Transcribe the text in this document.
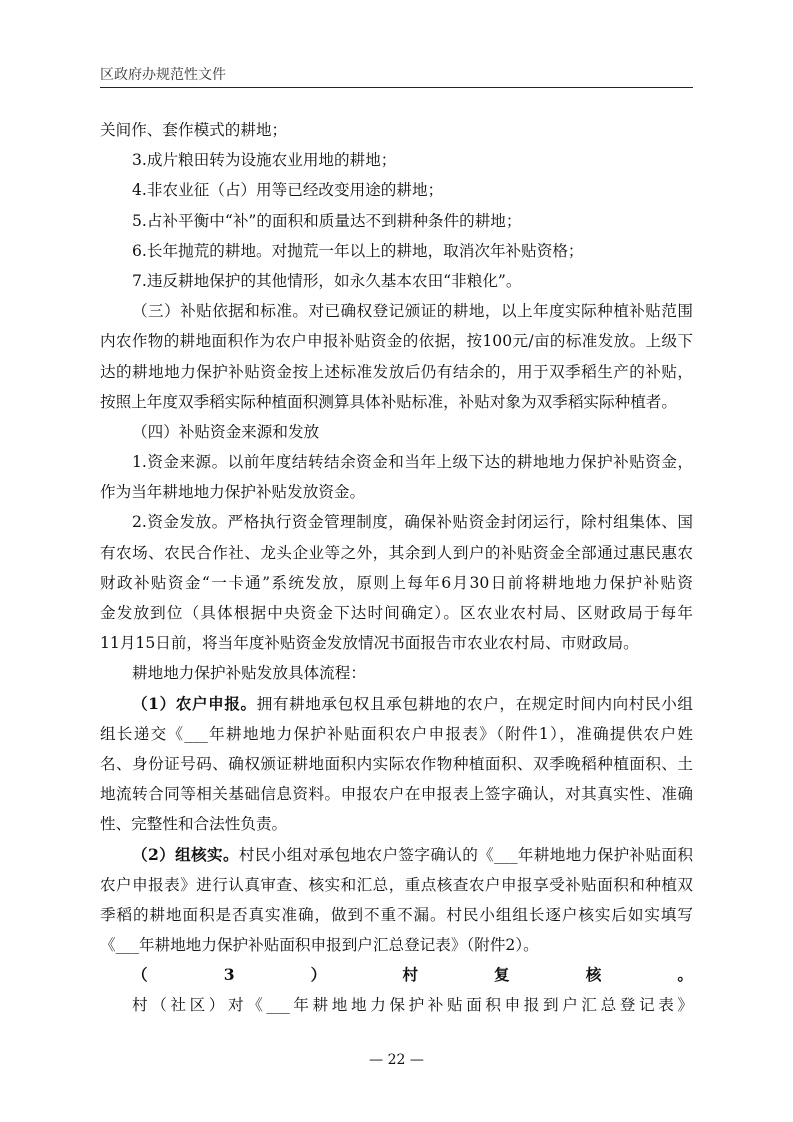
区政府办规范性文件
关间作、套作模式的耕地；
3.成片粮田转为设施农业用地的耕地；
4.非农业征（占）用等已经改变用途的耕地；
5.占补平衡中“补”的面积和质量达不到耕种条件的耕地；
6.长年抛荒的耕地。对抛荒一年以上的耕地，取消次年补贴资格；
7.违反耕地保护的其他情形，如永久基本农田“非粮化”。
（三）补贴依据和标准。对已确权登记颁证的耕地，以上年度实际种植补贴范围
内农作物的耕地面积作为农户申报补贴资金的依据，按100元/亩的标准发放。上级下
达的耕地地力保护补贴资金按上述标准发放后仍有结余的，用于双季稻生产的补贴，
按照上年度双季稻实际种植面积测算具体补贴标准，补贴对象为双季稻实际种植者。
（四）补贴资金来源和发放
1.资金来源。以前年度结转结余资金和当年上级下达的耕地地力保护补贴资金，
作为当年耕地地力保护补贴发放资金。
2.资金发放。严格执行资金管理制度，确保补贴资金封闭运行，除村组集体、国
有农场、农民合作社、龙头企业等之外，其余到人到户的补贴资金全部通过惠民惠农
财政补贴资金“一卡通”系统发放，原则上每年6月30日前将耕地地力保护补贴资
金发放到位（具体根据中央资金下达时间确定）。区农业农村局、区财政局于每年
11月15日前，将当年度补贴资金发放情况书面报告市农业农村局、市财政局。
耕地地力保护补贴发放具体流程：
（1）农户申报。拥有耕地承包权且承包耕地的农户，在规定时间内向村民小组
组长递交《___年耕地地力保护补贴面积农户申报表》（附件1），准确提供农户姓
名、身份证号码、确权颁证耕地面积内实际农作物种植面积、双季晚稻种植面积、土
地流转合同等相关基础信息资料。申报农户在申报表上签字确认，对其真实性、准确
性、完整性和合法性负责。
（2）组核实。村民小组对承包地农户签字确认的《___年耕地地力保护补贴面积
农户申报表》进行认真审查、核实和汇总，重点核查农户申报享受补贴面积和种植双
季稻的耕地面积是否真实准确，做到不重不漏。村民小组组长逐户核实后如实填写
《___年耕地地力保护补贴面积申报到户汇总登记表》（附件2）。
（3）村复核。村（社区）对《___年耕地地力保护补贴面积申报到户汇总登记表》
— 22 —
